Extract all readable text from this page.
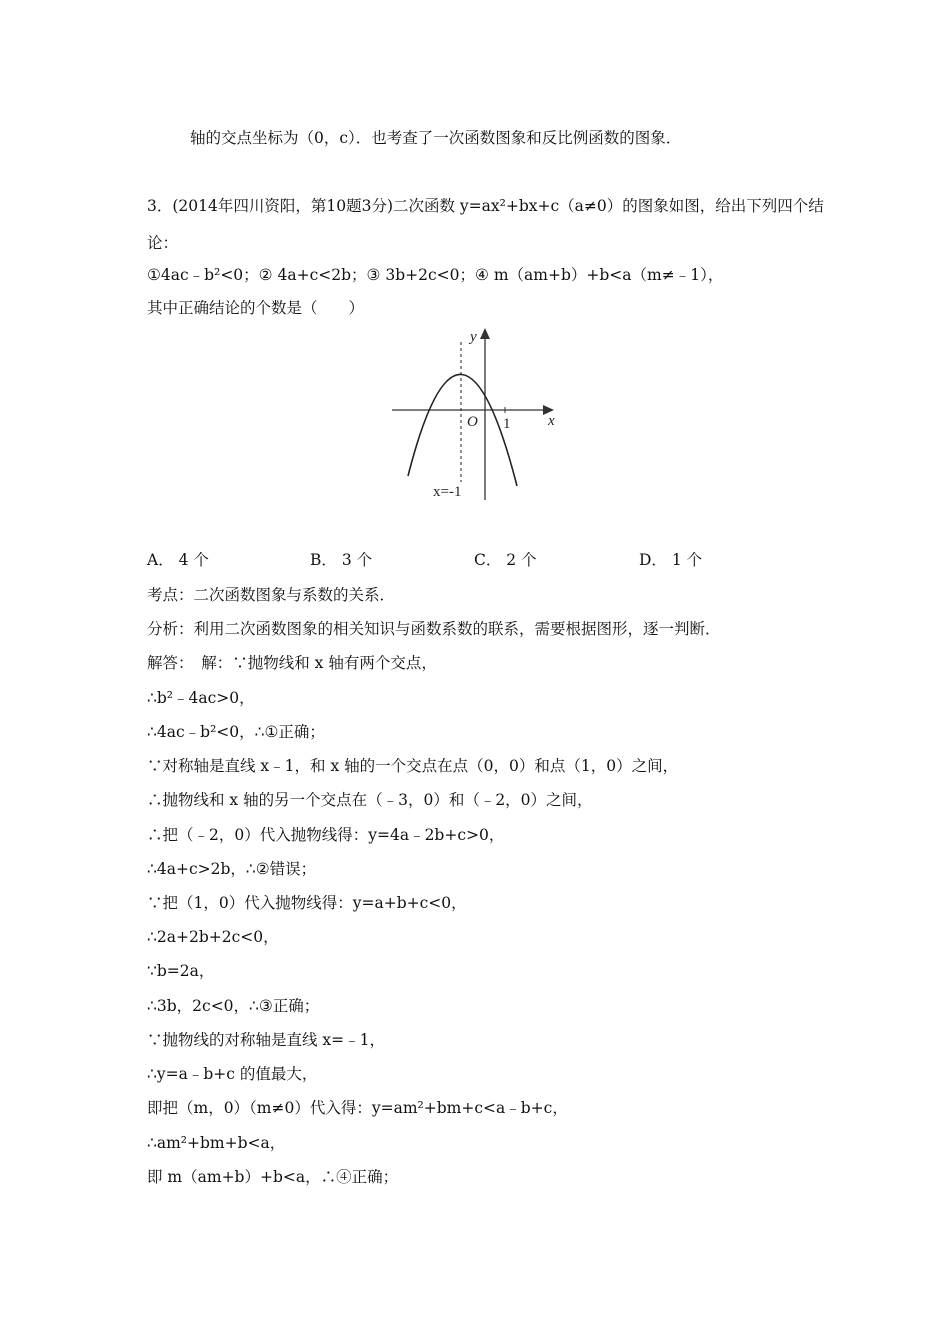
轴的交点坐标为（0，c）．也考查了一次函数图象和反比例函数的图象．
3．(2014年四川资阳，第10题3分)二次函数 y=ax²+bx+c（a≠0）的图象如图，给出下列四个结
论：
①4ac﹣b²<0；② 4a+c<2b；③ 3b+2c<0；④ m（am+b）+b<a（m≠﹣1），
其中正确结论的个数是（　　）
y
x
O 1
x=-1
A． 4 个	B． 3 个	C． 2 个	D． 1 个
考点：二次函数图象与系数的关系．
分析：利用二次函数图象的相关知识与函数系数的联系，需要根据图形，逐一判断．
解答：　解：∵抛物线和 x 轴有两个交点，
∴b²﹣4ac>0，
∴4ac﹣b²<0，∴①正确；
∵对称轴是直线 x﹣1，和 x 轴的一个交点在点（0，0）和点（1，0）之间，
∴抛物线和 x 轴的另一个交点在（﹣3，0）和（﹣2，0）之间，
∴把（﹣2，0）代入抛物线得：y=4a﹣2b+c>0，
∴4a+c>2b，∴②错误；
∵把（1，0）代入抛物线得：y=a+b+c<0，
∴2a+2b+2c<0，
∵b=2a，
∴3b，2c<0，∴③正确；
∵抛物线的对称轴是直线 x=﹣1，
∴y=a﹣b+c 的值最大，
即把（m，0）（m≠0）代入得：y=am²+bm+c<a﹣b+c，
∴am²+bm+b<a，
即 m（am+b）+b<a，∴④正确；
